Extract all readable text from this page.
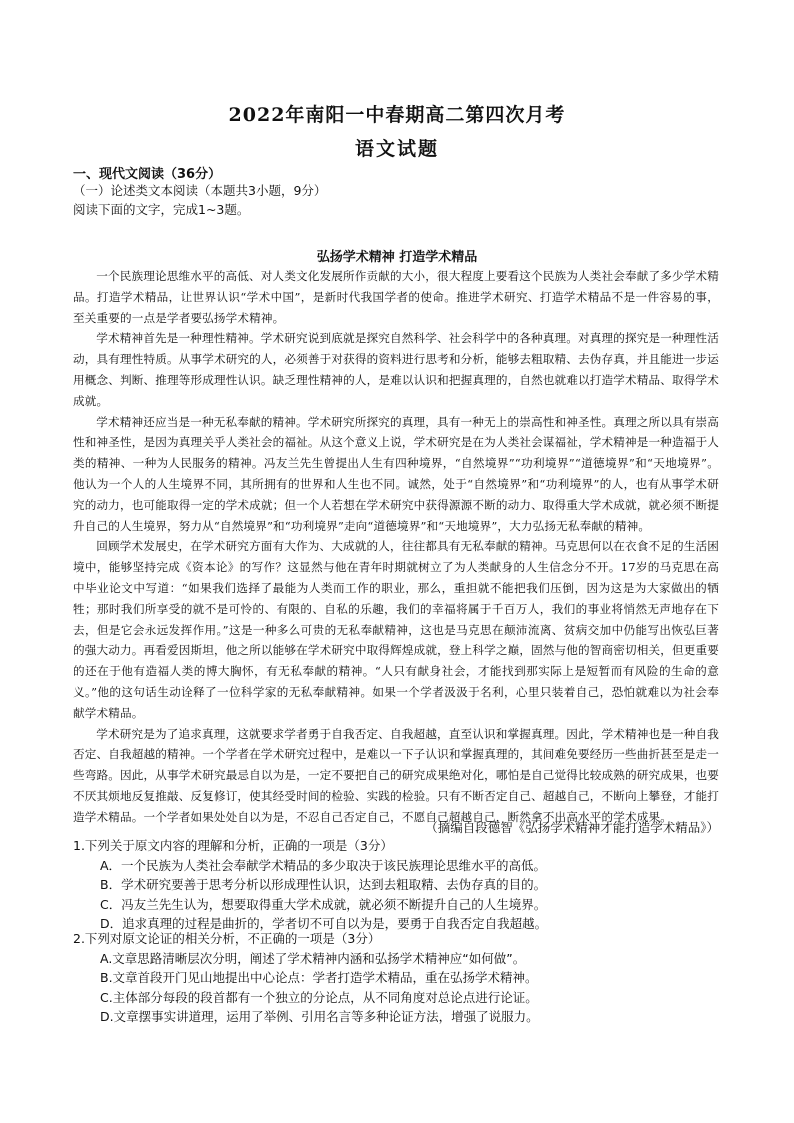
2022年南阳一中春期高二第四次月考
语文试题
一、现代文阅读（36分）
（一）论述类文本阅读（本题共3小题，9分）
阅读下面的文字，完成1~3题。
弘扬学术精神 打造学术精品

一个民族理论思维水平的高低、对人类文化发展所作贡献的大小，很大程度上要看这个民族为人类社会奉献了多少学术精品。打造学术精品，让世界认识“学术中国”，是新时代我国学者的使命。推进学术研究、打造学术精品不是一件容易的事，至关重要的一点是学者要弘扬学术精神。

学术精神首先是一种理性精神。学术研究说到底就是探究自然科学、社会科学中的各种真理。对真理的探究是一种理性活动，具有理性特质。从事学术研究的人，必须善于对获得的资料进行思考和分析，能够去粗取精、去伪存真，并且能进一步运用概念、判断、推理等形成理性认识。缺乏理性精神的人，是难以认识和把握真理的，自然也就难以打造学术精品、取得学术成就。

学术精神还应当是一种无私奉献的精神。学术研究所探究的真理，具有一种无上的崇高性和神圣性。真理之所以具有崇高性和神圣性，是因为真理关乎人类社会的福祉。从这个意义上说，学术研究是在为人类社会谋福祉，学术精神是一种造福于人类的精神、一种为人民服务的精神。冯友兰先生曾提出人生有四种境界，“自然境界”“功利境界”“道德境界”和“天地境界”。他认为一个人的人生境界不同，其所拥有的世界和人生也不同。诚然，处于“自然境界”和“功利境界”的人，也有从事学术研究的动力，也可能取得一定的学术成就；但一个人若想在学术研究中获得源源不断的动力、取得重大学术成就，就必须不断提升自己的人生境界，努力从“自然境界”和“功利境界”走向“道德境界”和“天地境界”，大力弘扬无私奉献的精神。

回顾学术发展史，在学术研究方面有大作为、大成就的人，往往都具有无私奉献的精神。马克思何以在衣食不足的生活困境中，能够坚持完成《资本论》的写作？这显然与他在青年时期就树立了为人类献身的人生信念分不开。17岁的马克思在高中毕业论文中写道：“如果我们选择了最能为人类而工作的职业，那么，重担就不能把我们压倒，因为这是为大家做出的牺牲；那时我们所享受的就不是可怜的、有限的、自私的乐趣，我们的幸福将属于千百万人，我们的事业将悄然无声地存在下去，但是它会永远发挥作用。”这是一种多么可贵的无私奉献精神，这也是马克思在颠沛流离、贫病交加中仍能写出恢弘巨著的强大动力。再看爱因斯坦，他之所以能够在学术研究中取得辉煌成就，登上科学之巅，固然与他的智商密切相关，但更重要的还在于他有造福人类的博大胸怀，有无私奉献的精神。“人只有献身社会，才能找到那实际上是短暂而有风险的生命的意义。”他的这句话生动诠释了一位科学家的无私奉献精神。如果一个学者汲汲于名利，心里只装着自己，恐怕就难以为社会奉献学术精品。

学术研究是为了追求真理，这就要求学者勇于自我否定、自我超越，直至认识和掌握真理。因此，学术精神也是一种自我否定、自我超越的精神。一个学者在学术研究过程中，是难以一下子认识和掌握真理的，其间难免要经历一些曲折甚至是走一些弯路。因此，从事学术研究最忌自以为是，一定不要把自己的研究成果绝对化，哪怕是自己觉得比较成熟的研究成果，也要不厌其烦地反复推敲、反复修订，使其经受时间的检验、实践的检验。只有不断否定自己、超越自己，不断向上攀登，才能打造学术精品。一个学者如果处处自以为是，不忍自己否定自己，不愿自己超越自己，断然拿不出高水平的学术成果。

（摘编自段德智《弘扬学术精神才能打造学术精品》）

1.下列关于原文内容的理解和分析，正确的一项是（3分）

A．一个民族为人类社会奉献学术精品的多少取决于该民族理论思维水平的高低。

B．学术研究要善于思考分析以形成理性认识，达到去粗取精、去伪存真的目的。

C．冯友兰先生认为，想要取得重大学术成就，就必须不断提升自己的人生境界。

D．追求真理的过程是曲折的，学者切不可自以为是，要勇于自我否定自我超越。

2.下列对原文论证的相关分析，不正确的一项是（3分）

A.文章思路清晰层次分明，阐述了学术精神内涵和弘扬学术精神应“如何做”。

B.文章首段开门见山地提出中心论点：学者打造学术精品，重在弘扬学术精神。

C.主体部分每段的段首都有一个独立的分论点，从不同角度对总论点进行论证。

D.文章摆事实讲道理，运用了举例、引用名言等多种论证方法，增强了说服力。
